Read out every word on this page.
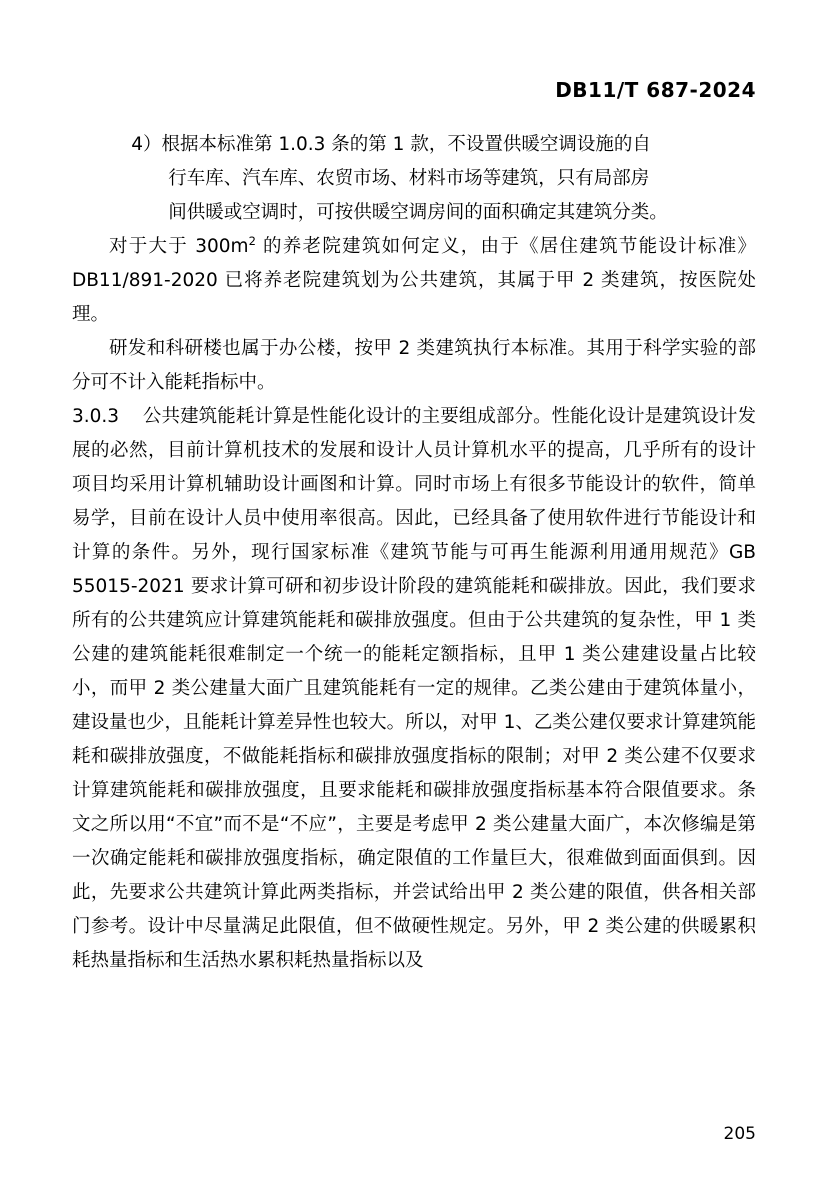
DB11/T 687-2024

4）根据本标准第 1.0.3 条的第 1 款，不设置供暖空调设施的自

行车库、汽车库、农贸市场、材料市场等建筑，只有局部房

间供暖或空调时，可按供暖空调房间的面积确定其建筑分类。

对于大于 $300m^2$ 的养老院建筑如何定义，由于《居住建筑节能设计标准》DB11/891-2020 已将养老院建筑划为公共建筑，其属于甲 2 类建筑，按医院处理。

研发和科研楼也属于办公楼，按甲 2 类建筑执行本标准。其用于科学实验的部分可不计入能耗指标中。

3.0.3 公共建筑能耗计算是性能化设计的主要组成部分。性能化设计是建筑设计发展的必然，目前计算机技术的发展和设计人员计算机水平的提高，几乎所有的设计项目均采用计算机辅助设计画图和计算。同时市场上有很多节能设计的软件，简单易学，目前在设计人员中使用率很高。因此，已经具备了使用软件进行节能设计和计算的条件。另外，现行国家标准《建筑节能与可再生能源利用通用规范》GB 55015-2021 要求计算可研和初步设计阶段的建筑能耗和碳排放。因此，我们要求所有的公共建筑应计算建筑能耗和碳排放强度。但由于公共建筑的复杂性，甲 1 类公建的建筑能耗很难制定一个统一的能耗定额指标，且甲 1 类公建建设量占比较小，而甲 2 类公建量大面广且建筑能耗有一定的规律。乙类公建由于建筑体量小，建设量也少，且能耗计算差异性也较大。所以，对甲 1、乙类公建仅要求计算建筑能耗和碳排放强度，不做能耗指标和碳排放强度指标的限制；对甲 2 类公建不仅要求计算建筑能耗和碳排放强度，且要求能耗和碳排放强度指标基本符合限值要求。条文之所以用“不宜”而不是“不应”，主要是考虑甲 2 类公建量大面广，本次修编是第一次确定能耗和碳排放强度指标，确定限值的工作量巨大，很难做到面面俱到。因此，先要求公共建筑计算此两类指标，并尝试给出甲 2 类公建的限值，供各相关部门参考。设计中尽量满足此限值，但不做硬性规定。另外，甲 2 类公建的供暖累积耗热量指标和生活热水累积耗热量指标以及

205
